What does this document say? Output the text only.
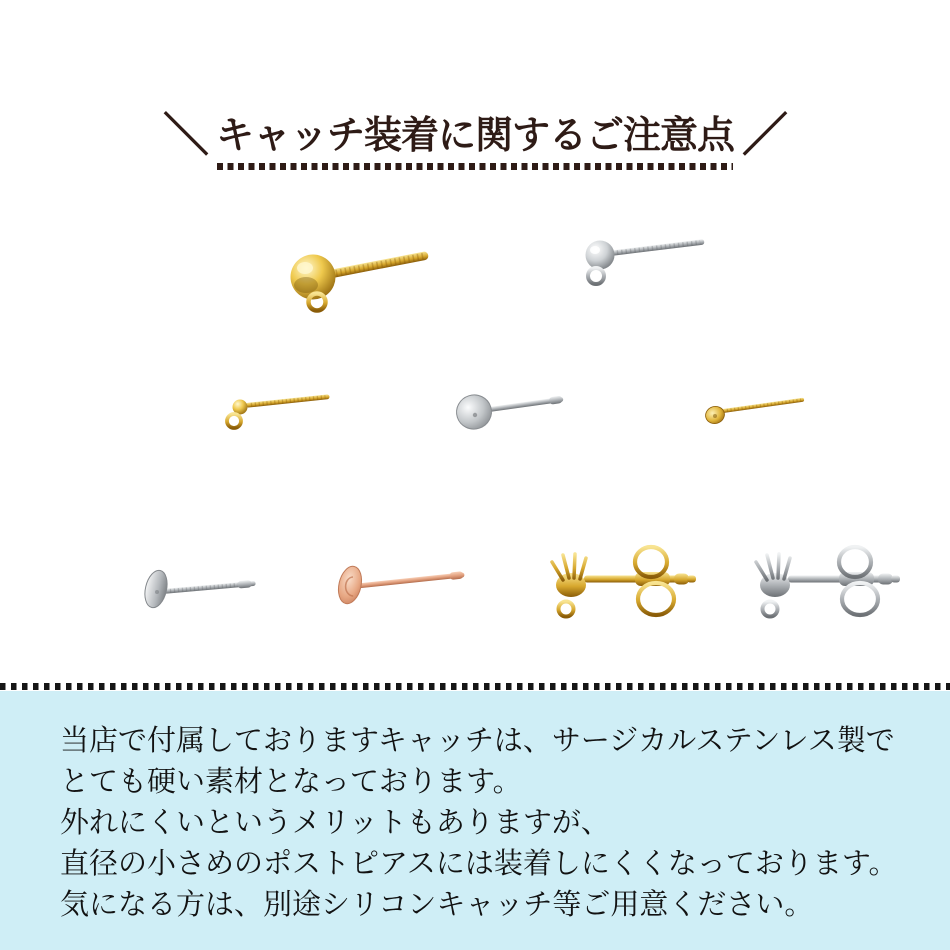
＼ キャッチ装着に関するご注意点 ／
当店で付属しておりますキャッチは、サージカルステンレス製で
とても硬い素材となっております。
外れにくいというメリットもありますが、
直径の小さめのポストピアスには装着しにくくなっております。
気になる方は、別途シリコンキャッチ等ご用意ください。
